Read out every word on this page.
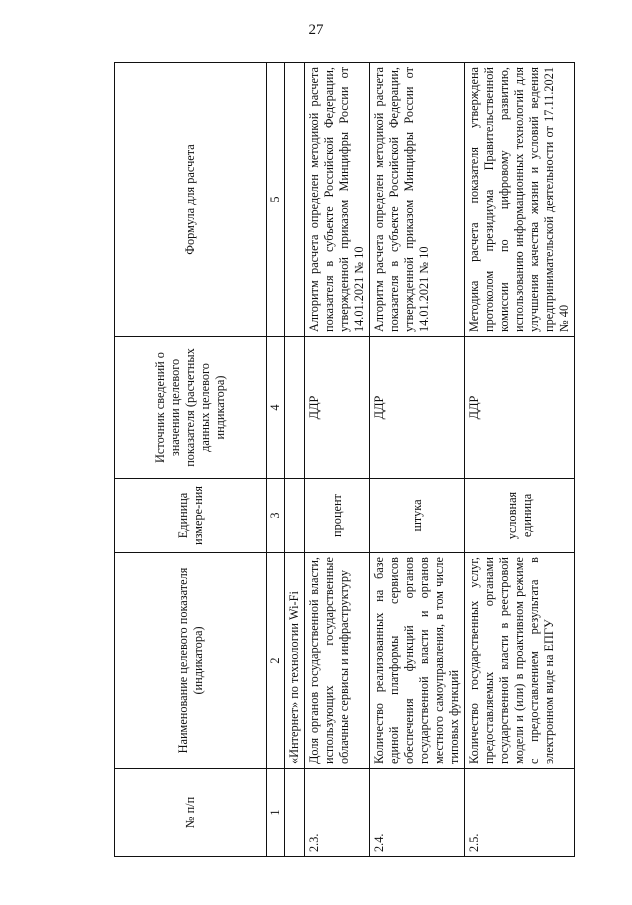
27
№ п/п	Наименование целевого показателя (индикатора)	Единица измере-ния	Источник сведений о значении целевого показателя (расчетных данных целевого индикатора)	Формула для расчета
1	2	3	4	5
	«Интернет» по технологии Wi-Fi			
2.3.	Доля органов государственной власти, использующих государственные облачные сервисы и инфраструктуру	процент	ДДР	Алгоритм расчета определен методикой расчета показателя в субъекте Российской Федерации, утвержденной приказом Минцифры России от 14.01.2021 № 10
2.4.	Количество реализованных на базе единой платформы сервисов обеспечения функций органов государственной власти и органов местного самоуправления, в том числе типовых функций	штука	ДДР	Алгоритм расчета определен методикой расчета показателя в субъекте Российской Федерации, утвержденной приказом Минцифры России от 14.01.2021 № 10
2.5.	Количество государственных услуг, предоставляемых органами государственной власти в реестровой модели и (или) в проактивном режиме с предоставлением результата в электронном виде на ЕПГУ	условная единица	ДДР	Методика расчета показателя утверждена протоколом президиума Правительственной комиссии по цифровому развитию, использованию информационных технологий для улучшения качества жизни и условий ведения предпринимательской деятельности от 17.11.2021 № 40
